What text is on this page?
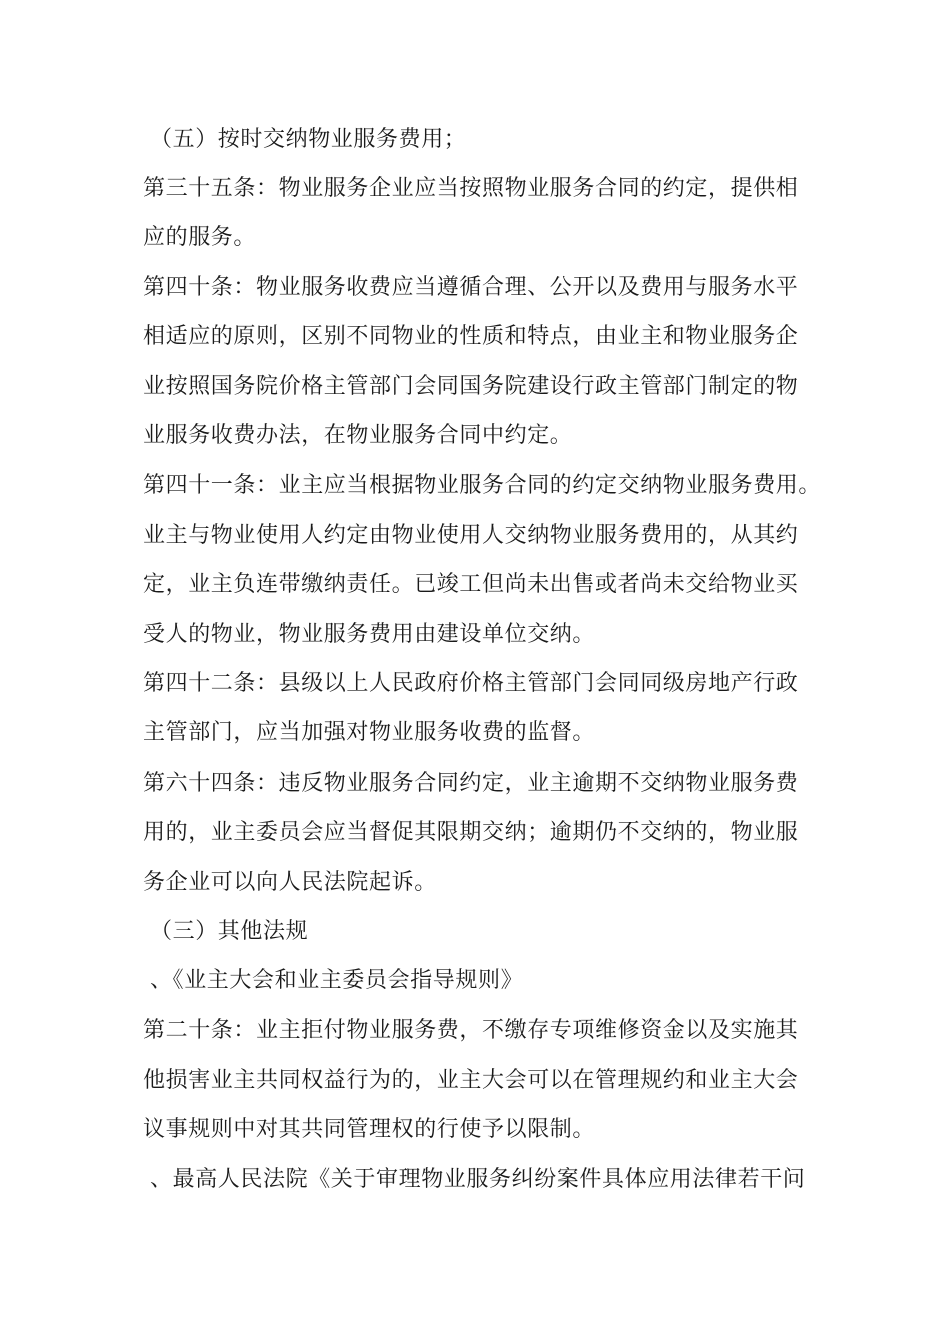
（五）按时交纳物业服务费用；
第三十五条：物业服务企业应当按照物业服务合同的约定，提供相
应的服务。
第四十条：物业服务收费应当遵循合理、公开以及费用与服务水平
相适应的原则，区别不同物业的性质和特点，由业主和物业服务企
业按照国务院价格主管部门会同国务院建设行政主管部门制定的物
业服务收费办法，在物业服务合同中约定。
第四十一条：业主应当根据物业服务合同的约定交纳物业服务费用。
业主与物业使用人约定由物业使用人交纳物业服务费用的，从其约
定，业主负连带缴纳责任。已竣工但尚未出售或者尚未交给物业买
受人的物业，物业服务费用由建设单位交纳。
第四十二条：县级以上人民政府价格主管部门会同同级房地产行政
主管部门，应当加强对物业服务收费的监督。
第六十四条：违反物业服务合同约定，业主逾期不交纳物业服务费
用的，业主委员会应当督促其限期交纳；逾期仍不交纳的，物业服
务企业可以向人民法院起诉。
（三）其他法规
、《业主大会和业主委员会指导规则》
第二十条：业主拒付物业服务费，不缴存专项维修资金以及实施其
他损害业主共同权益行为的，业主大会可以在管理规约和业主大会
议事规则中对其共同管理权的行使予以限制。
、最高人民法院《关于审理物业服务纠纷案件具体应用法律若干问
